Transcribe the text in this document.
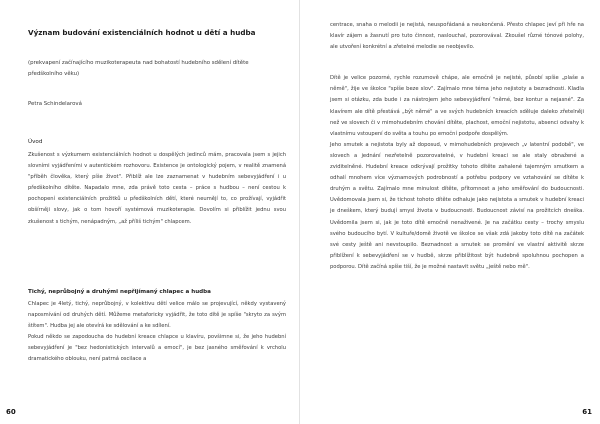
Význam budování existenciálních hodnot u dětí a hudba
(prekvapení začínajícího muzikoterapeuta nad bohatostí hudebního sdělení dítěte předškolního věku)
Petra Schindelarová
Úvod

Zkušenost s výzkumem existenciálních hodnot u dospělých jedinců mám, pracovala jsem s jejich slovními vyjádřeními v autentickém rozhovoru. Existence je ontologický pojem, v realitě znamená "příběh člověka, který píše život". Přiblíž ale lze zaznamenat v hudebním sebevyjádření i u předškolního dítěte. Napadalo mne, zda právě toto cesta – práce s hudbou – není cestou k pochopení existenciálních prožitků u předškolních dětí, které neumějí to, co prožívají, vyjádřit obšírněji slovy, jak o tom hovoří systémová muzikoterapie. Dovolím si přiblížit jednu svou zkušenost s tichým, nenápadným, „až příliš tichým" chlapcem.

Tichý, neprůbojný a druhými nepřijímaný chlapec a hudba

Chlapec je 4letý, tichý, neprůbojný, v kolektivu dětí velice málo se projevující, někdy vystavený naposmívání od druhých dětí. Můžeme metaforicky vyjádřit, že toto dítě je spíše "skryto za svým štítem". Hudba jej ale otevírá ke sdělování a ke sdílení.

Pokud někdo se zapodoucha do hudební kreace chlapce u klavíru, povšimne si, že jeho hudební sebevyjádření je "bez hedonistických intervalů a emocí", je bez jasného směřování k vrcholu dramatického oblouku, není patrná oscilace a

60

centrace, snaha o melodii je nejistá, neuspořádaná a neukončená. Přesto chlapec jeví při hře na klavír zájem a žasnutí pro tuto činnost, naslouchal, pozorovával. Zkoušel různé tónové polohy, ale utvoření konkrétní a zřetelné melodie se neobjevilo.

Dítě je velice pozorné, rychle rozumově chápe, ale emočně je nejisté, působí spíše „plaše a němě", žije ve školce "spíše beze slov". Zajímalo mne téma jeho nejistoty a bezradnosti. Kladla jsem si otázku, zda bude i za nástrojem jeho sebevyjádření "němé, bez kontur a nejasné". Za klavírem ale dítě přestává „být němé" a ve svých hudebních kreacích sděluje daleko zřetelněji než ve slovech či v mimohudebním chování dítěte, plachost, emoční nejistotu, absenci odvahy k vlastnímu vstoupení do světa a touhu po emoční podpoře dospělým.

Jeho smutek a nejistota byly až doposud, v mimohudebních projevech „v latentní podobě", ve slovech a jednání nezřetelně pozorovatelné, v hudební kreaci se ale staly obnažené a zviditelněné. Hudební kreace odkrývají prožitky tohoto dítěte zahalené tajemným smutkem a odhalí mnohem více významových podrobností a potřebu podpory ve vztahování se dítěte k druhým a světu. Zajímalo mne minulost dítěte, přítomnost a jeho směřování do budoucnosti. Uvědomovala jsem si, že tichost tohoto dítěte odhaluje jako nejistota a smutek v hudební kreaci je dneškem, který budují smysl života v budoucnosti. Budoucnost závisí na prožitcích dneška. Uvědomila jsem si, jak je toto dítě emočně nenaživené. Je na začátku cesty – trochy smyslu svého budoucího bytí. V kultuře/domě životě ve školce se však zdá jakoby toto dítě na začátek své cesty ještě ani nevstoupilo. Beznadnost a smutek se promění ve vlastní aktivitě skrze přiblížení k sebevyjádření se v hudbě, skrze přiblížitost být hudebně spoluhnou pochopen a podporou. Dítě začíná spíše tiší, že je možné nastavit světu „ještě nebo mě".

61
